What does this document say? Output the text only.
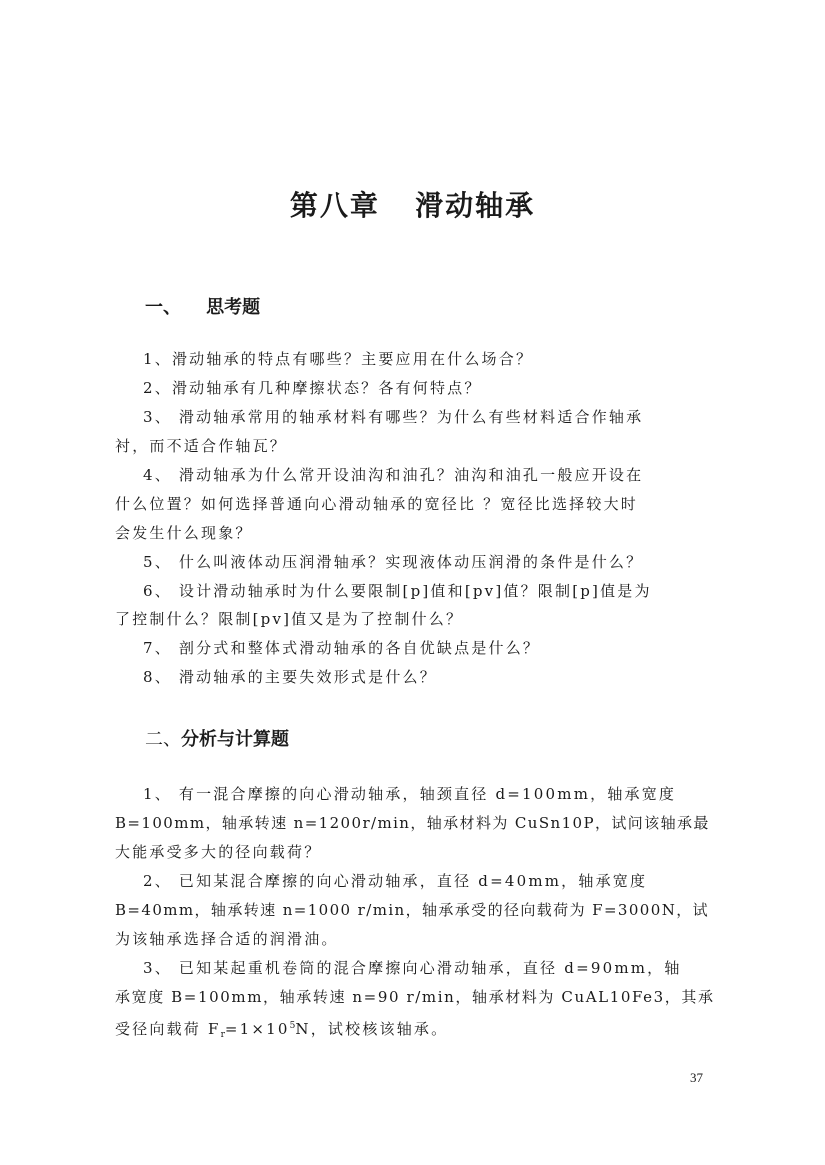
第八章   滑动轴承
一、    思考题
1、滑动轴承的特点有哪些？主要应用在什么场合？
2、滑动轴承有几种摩擦状态？各有何特点？
3、 滑动轴承常用的轴承材料有哪些？为什么有些材料适合作轴承
衬，而不适合作轴瓦？
4、 滑动轴承为什么常开设油沟和油孔？油沟和油孔一般应开设在
什么位置？如何选择普通向心滑动轴承的宽径比 ？宽径比选择较大时
会发生什么现象？
5、 什么叫液体动压润滑轴承？实现液体动压润滑的条件是什么？
6、 设计滑动轴承时为什么要限制[p]值和[pv]值？限制[p]值是为
了控制什么？限制[pv]值又是为了控制什么？
7、 剖分式和整体式滑动轴承的各自优缺点是什么？
8、 滑动轴承的主要失效形式是什么？
二、分析与计算题
1、 有一混合摩擦的向心滑动轴承，轴颈直径 d=100mm，轴承宽度
B=100mm，轴承转速 n=1200r/min，轴承材料为 CuSn10P，试问该轴承最
大能承受多大的径向载荷？
2、 已知某混合摩擦的向心滑动轴承，直径 d=40mm，轴承宽度
B=40mm，轴承转速 n=1000 r/min，轴承承受的径向载荷为 F=3000N，试
为该轴承选择合适的润滑油。
3、 已知某起重机卷筒的混合摩擦向心滑动轴承，直径 d=90mm，轴
承宽度 B=100mm，轴承转速 n=90 r/min，轴承材料为 CuAL10Fe3，其承
受径向载荷 $F_r=1\times 10^5N$，试校核该轴承。
37
